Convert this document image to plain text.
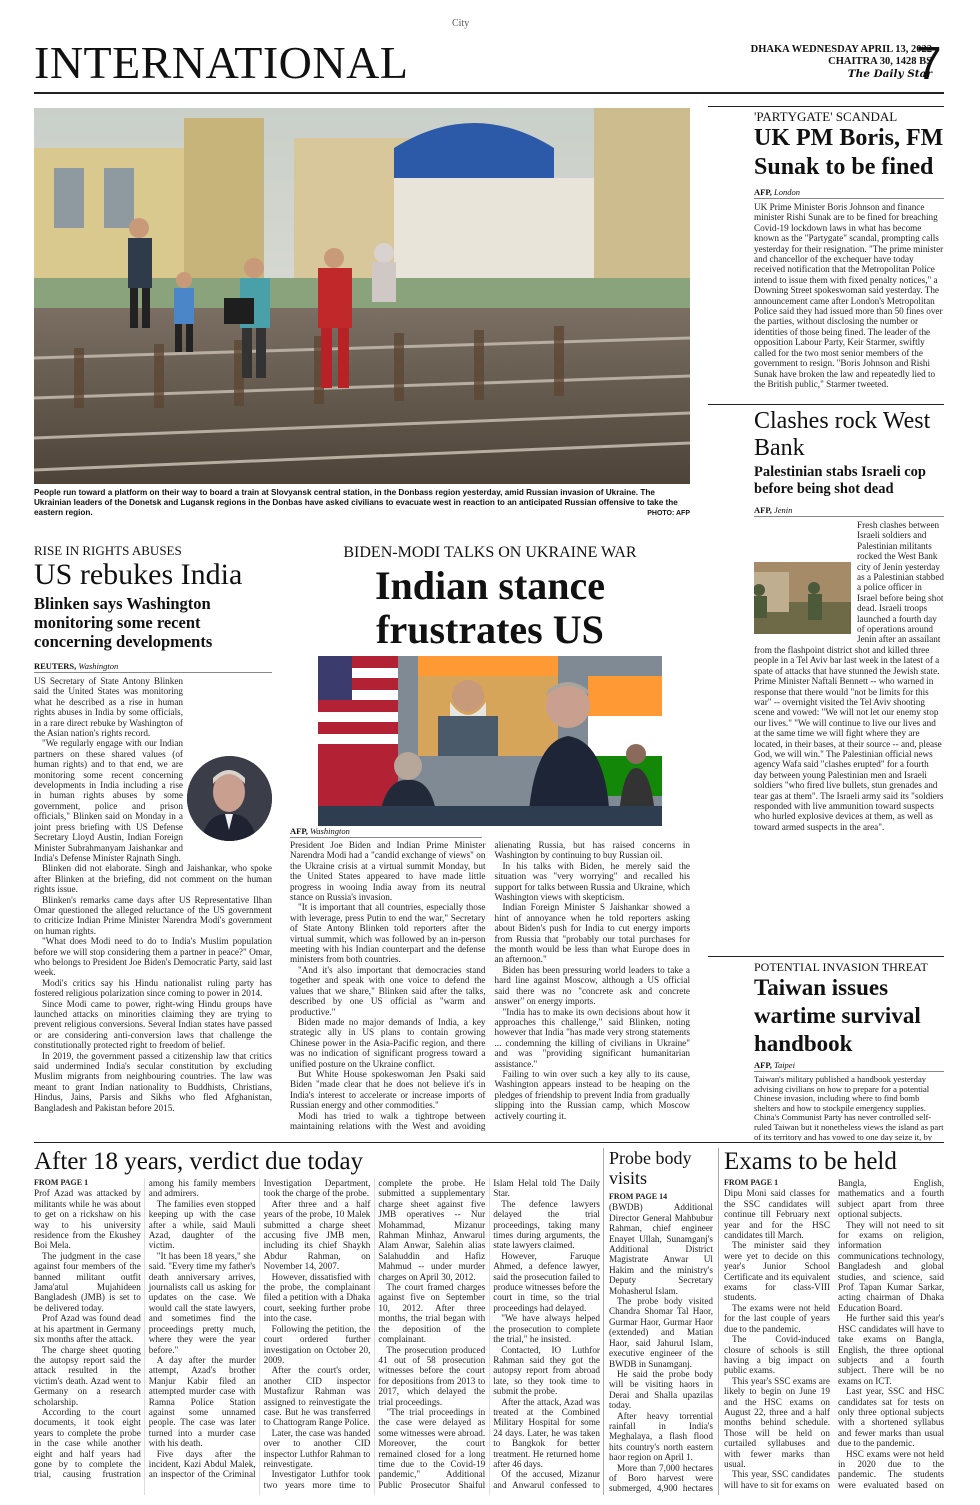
City
INTERNATIONAL	DHAKA WEDNESDAY APRIL 13, 2022
CHAITRA 30, 1428 BS
The Daily Star
7
People run toward a platform on their way to board a train at Slovyansk central station, in the Donbass region yesterday, amid Russian invasion of Ukraine. The Ukrainian leaders of the Donetsk and Lugansk regions in the Donbas have asked civilians to evacuate west in reaction to an anticipated Russian offensive to take the eastern region.	PHOTO: AFP
'PARTYGATE' SCANDAL
UK PM Boris, FM Sunak to be fined
AFP, London
UK Prime Minister Boris Johnson and finance minister Rishi Sunak are to be fined for breaching Covid-19 lockdown laws in what has become known as the "Partygate" scandal, prompting calls yesterday for their resignation. "The prime minister and chancellor of the exchequer have today received notification that the Metropolitan Police intend to issue them with fixed penalty notices," a Downing Street spokeswoman said yesterday. The announcement came after London's Metropolitan Police said they had issued more than 50 fines over the parties, without disclosing the number or identities of those being fined. The leader of the opposition Labour Party, Keir Starmer, swiftly called for the two most senior members of the government to resign. "Boris Johnson and Rishi Sunak have broken the law and repeatedly lied to the British public," Starmer tweeted.
Clashes rock West Bank
Palestinian stabs Israeli cop before being shot dead
AFP, Jenin
Fresh clashes between Israeli soldiers and Palestinian militants rocked the West Bank city of Jenin yesterday as a Palestinian stabbed a police officer in Israel before being shot dead. Israeli troops launched a fourth day of operations around Jenin after an assailant from the flashpoint district shot and killed three people in a Tel Aviv bar last week in the latest of a spate of attacks that have stunned the Jewish state. Prime Minister Naftali Bennett -- who warned in response that there would "not be limits for this war" -- overnight visited the Tel Aviv shooting scene and vowed: "We will not let our enemy stop our lives." "We will continue to live our lives and at the same time we will fight where they are located, in their bases, at their source -- and, please God, we will win." The Palestinian official news agency Wafa said "clashes erupted" for a fourth day between young Palestinian men and Israeli soldiers "who fired live bullets, stun grenades and tear gas at them". The Israeli army said its "soldiers responded with live ammunition toward suspects who hurled explosive devices at them, as well as toward armed suspects in the area".
POTENTIAL INVASION THREAT
Taiwan issues wartime survival handbook
AFP, Taipei
Taiwan's military published a handbook yesterday advising civilians on how to prepare for a potential Chinese invasion, including where to find bomb shelters and how to stockpile emergency supplies. China's Communist Party has never controlled self-ruled Taiwan but it nonetheless views the island as part of its territory and has vowed to one day seize it, by
RISE IN RIGHTS ABUSES
US rebukes India
Blinken says Washington monitoring some recent concerning developments
REUTERS, Washington

US Secretary of State Antony Blinken said the United States was monitoring what he described as a rise in human rights abuses in India by some officials, in a rare direct rebuke by Washington of the Asian nation's rights record.

"We regularly engage with our Indian partners on these shared values (of human rights) and to that end, we are monitoring some recent concerning developments in India including a rise in human rights abuses by some government, police and prison officials," Blinken said on Monday in a joint press briefing with US Defense Secretary Lloyd Austin, Indian Foreign Minister Subrahmanyam Jaishankar and India's Defense Minister Rajnath Singh.

Blinken did not elaborate. Singh and Jaishankar, who spoke after Blinken at the briefing, did not comment on the human rights issue.

Blinken's remarks came days after US Representative Ilhan Omar questioned the alleged reluctance of the US government to criticize Indian Prime Minister Narendra Modi's government on human rights.

"What does Modi need to do to India's Muslim population before we will stop considering them a partner in peace?" Omar, who belongs to President Joe Biden's Democratic Party, said last week.

Modi's critics say his Hindu nationalist ruling party has fostered religious polarization since coming to power in 2014.

Since Modi came to power, right-wing Hindu groups have launched attacks on minorities claiming they are trying to prevent religious conversions. Several Indian states have passed or are considering anti-conversion laws that challenge the constitutionally protected right to freedom of belief.

In 2019, the government passed a citizenship law that critics said undermined India's secular constitution by excluding Muslim migrants from neighbouring countries. The law was meant to grant Indian nationality to Buddhists, Christians, Hindus, Jains, Parsis and Sikhs who fled Afghanistan, Bangladesh and Pakistan before 2015.

BIDEN-MODI TALKS ON UKRAINE WAR
Indian stance frustrates US
AFP, Washington

President Joe Biden and Indian Prime Minister Narendra Modi had a "candid exchange of views" on the Ukraine crisis at a virtual summit Monday, but the United States appeared to have made little progress in wooing India away from its neutral stance on Russia's invasion.

"It is important that all countries, especially those with leverage, press Putin to end the war," Secretary of State Antony Blinken told reporters after the virtual summit, which was followed by an in-person meeting with his Indian counterpart and the defense ministers from both countries.

"And it's also important that democracies stand together and speak with one voice to defend the values that we share," Blinken said after the talks, described by one US official as "warm and productive."

Biden made no major demands of India, a key strategic ally in US plans to contain growing Chinese power in the Asia-Pacific region, and there was no indication of significant progress toward a unified posture on the Ukraine conflict.

But White House spokeswoman Jen Psaki said Biden "made clear that he does not believe it's in India's interest to accelerate or increase imports of Russian energy and other commodities."

Modi has tried to walk a tightrope between maintaining relations with the West and avoiding alienating Russia, but has raised concerns in Washington by continuing to buy Russian oil.

In his talks with Biden, he merely said the situation was "very worrying" and recalled his support for talks between Russia and Ukraine, which Washington views with skepticism.

Indian Foreign Minister S Jaishankar showed a hint of annoyance when he told reporters asking about Biden's push for India to cut energy imports from Russia that "probably our total purchases for the month would be less than what Europe does in an afternoon."

Biden has been pressuring world leaders to take a hard line against Moscow, although a US official said there was no "concrete ask and concrete answer" on energy imports.

"India has to make its own decisions about how it approaches this challenge," said Blinken, noting however that India "has made very strong statements ... condemning the killing of civilians in Ukraine" and was "providing significant humanitarian assistance."

Failing to win over such a key ally to its cause, Washington appears instead to be heaping on the pledges of friendship to prevent India from gradually slipping into the Russian camp, which Moscow actively courting it.

After 18 years, verdict due today
FROM PAGE 1

Prof Azad was attacked by militants while he was about to get on a rickshaw on his way to his university residence from the Ekushey Boi Mela.

The judgment in the case against four members of the banned militant outfit Jama'atul Mujahideen Bangladesh (JMB) is set to be delivered today.

Prof Azad was found dead at his apartment in Germany six months after the attack.

The charge sheet quoting the autopsy report said the attack resulted in the victim's death. Azad went to Germany on a research scholarship.

According to the court documents, it took eight years to complete the probe in the case while another eight and half years had gone by to complete the trial, causing frustration among his family members and admirers.

The families even stopped keeping up with the case after a while, said Mauli Azad, daughter of the victim.

"It has been 18 years," she said. "Every time my father's death anniversary arrives, journalists call us asking for updates on the case. We would call the state lawyers, and sometimes find the proceedings pretty much, where they were the year before."

A day after the murder attempt, Azad's brother Manjur Kabir filed an attempted murder case with Ramna Police Station against some unnamed people. The case was later turned into a murder case with his death.

Five days after the incident, Kazi Abdul Malek, an inspector of the Criminal Investigation Department, took the charge of the probe.

After three and a half years of the probe, 10 Malek submitted a charge sheet accusing five JMB men, including its chief Shaykh Abdur Rahman, on November 14, 2007.

However, dissatisfied with the probe, the complainant filed a petition with a Dhaka court, seeking further probe into the case.

Following the petition, the court ordered further investigation on October 20, 2009.

After the court's order, another CID inspector Mustafizur Rahman was assigned to reinvestigate the case. But he was transferred to Chattogram Range Police.

Later, the case was handed over to another CID inspector Luthfor Rahman to reinvestigate.

Investigator Luthfor took two years more time to complete the probe. He submitted a supplementary charge sheet against five JMB operatives -- Nur Mohammad, Mizanur Rahman Minhaz, Anwarul Alam Anwar, Salehin alias Salahuddin and Hafiz Mahmud -- under murder charges on April 30, 2012.

The court framed charges against five on September 10, 2012. After three months, the trial began with the deposition of the complainant.

The prosecution produced 41 out of 58 prosecution witnesses before the court for depositions from 2013 to 2017, which delayed the trial proceedings.

"The trial proceedings in the case were delayed as some witnesses were abroad. Moreover, the court remained closed for a long time due to the Covid-19 pandemic," Additional Public Prosecutor Shaiful Islam Helal told The Daily Star.

The defence lawyers delayed the trial proceedings, taking many times during arguments, the state lawyers claimed.

However, Faruque Ahmed, a defence lawyer, said the prosecution failed to produce witnesses before the court in time, so the trial proceedings had delayed.

"We have always helped the prosecution to complete the trial," he insisted.

Contacted, IO Luthfor Rahman said they got the autopsy report from abroad late, so they took time to submit the probe.

After the attack, Azad was treated at the Combined Military Hospital for some 24 days. Later, he was taken to Bangkok for better treatment. He returned home after 46 days.

Of the accused, Mizanur and Anwarul confessed to

Probe body visits
FROM PAGE 14

(BWDB) Additional Director General Mahbubur Rahman, chief engineer Enayet Ullah, Sunamganj's Additional District Magistrate Anwar Ul Hakim and the ministry's Deputy Secretary Mohasherul Islam.

The probe body visited Chandra Shomar Tal Haor, Gurmar Haor, Gurmar Haor (extended) and Matian Haor, said Jahurul Islam, executive engineer of the BWDB in Sunamganj.

He said the probe body will be visiting haors in Derai and Shalla upazilas today.

After heavy torrential rainfall in India's Meghalaya, a flash flood hits country's north eastern haor region on April 1.

More than 7,000 hectares of Boro harvest were submerged, 4,900 hectares

Exams to be held
FROM PAGE 1

Dipu Moni said classes for the SSC candidates will continue till February next year and for the HSC candidates till March.

The minister said they were yet to decide on this year's Junior School Certificate and its equivalent exams for class-VIII students.

The exams were not held for the last couple of years due to the pandemic.

The Covid-induced closure of schools is still having a big impact on public exams.

This year's SSC exams are likely to begin on June 19 and the HSC exams on August 22, three and a half months behind schedule. Those will be held on curtailed syllabuses and with fewer marks than usual.

This year, SSC candidates will have to sit for exams on Bangla, English, mathematics and a fourth subject apart from three optional subjects.

They will not need to sit for exams on religion, information communications technology, Bangladesh and global studies, and science, said Prof Tapan Kumar Sarkar, acting chairman of Dhaka Education Board.

He further said this year's HSC candidates will have to take exams on Bangla, English, the three optional subjects and a fourth subject. There will be no exams on ICT.

Last year, SSC and HSC candidates sat for tests on only three optional subjects with a shortened syllabus and fewer marks than usual due to the pandemic.

HSC exams were not held in 2020 due to the pandemic. The students were evaluated based on
